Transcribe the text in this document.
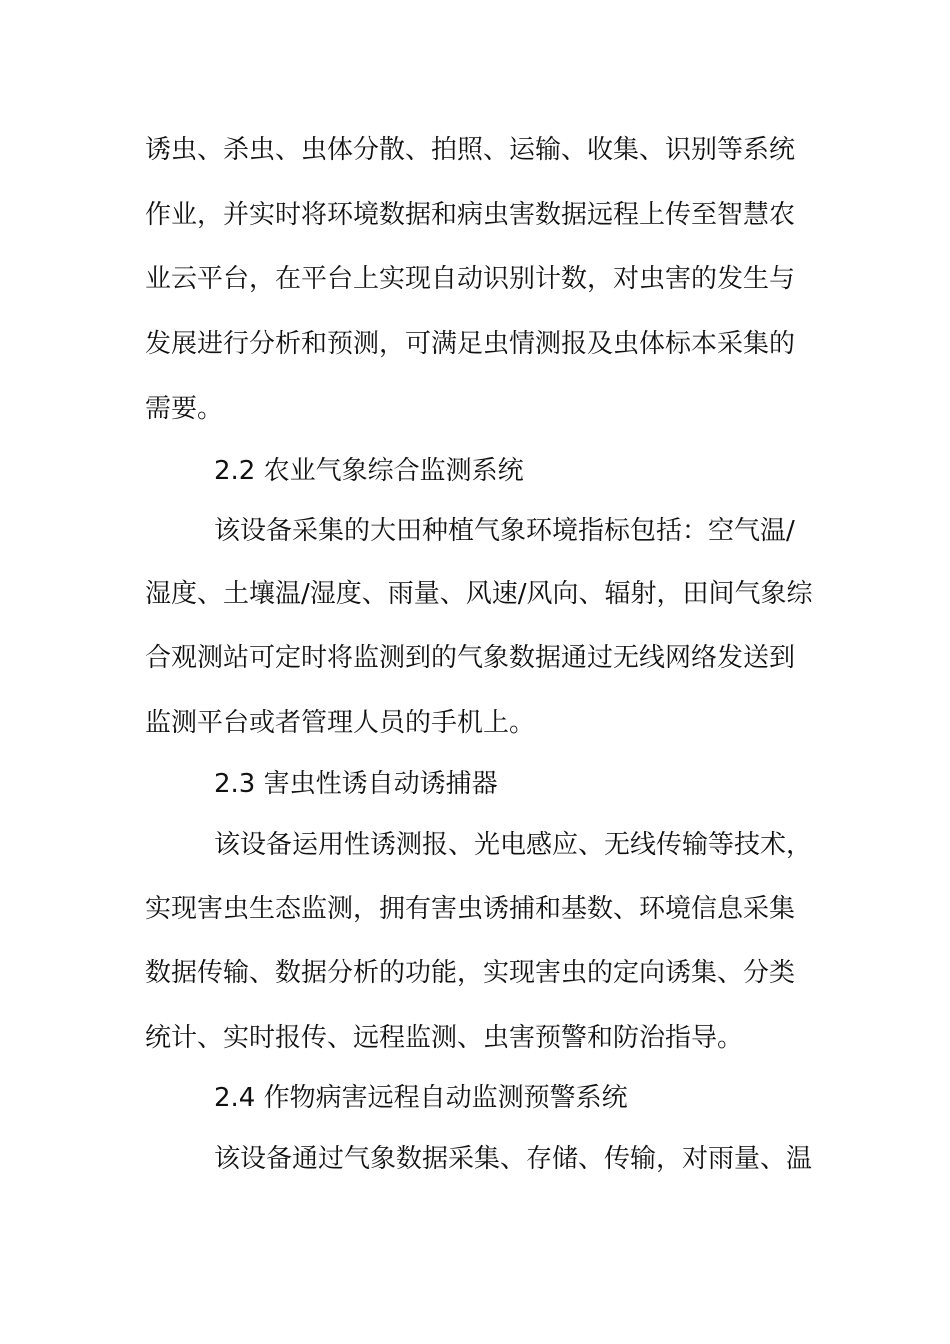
诱虫、杀虫、虫体分散、拍照、运输、收集、识别等系统
作业，并实时将环境数据和病虫害数据远程上传至智慧农
业云平台，在平台上实现自动识别计数，对虫害的发生与
发展进行分析和预测，可满足虫情测报及虫体标本采集的
需要。
2.2 农业气象综合监测系统
该设备采集的大田种植气象环境指标包括：空气温/
湿度、土壤温/湿度、雨量、风速/风向、辐射，田间气象综
合观测站可定时将监测到的气象数据通过无线网络发送到
监测平台或者管理人员的手机上。
2.3 害虫性诱自动诱捕器
该设备运用性诱测报、光电感应、无线传输等技术，
实现害虫生态监测，拥有害虫诱捕和基数、环境信息采集
数据传输、数据分析的功能，实现害虫的定向诱集、分类
统计、实时报传、远程监测、虫害预警和防治指导。
2.4 作物病害远程自动监测预警系统
该设备通过气象数据采集、存储、传输，对雨量、温
